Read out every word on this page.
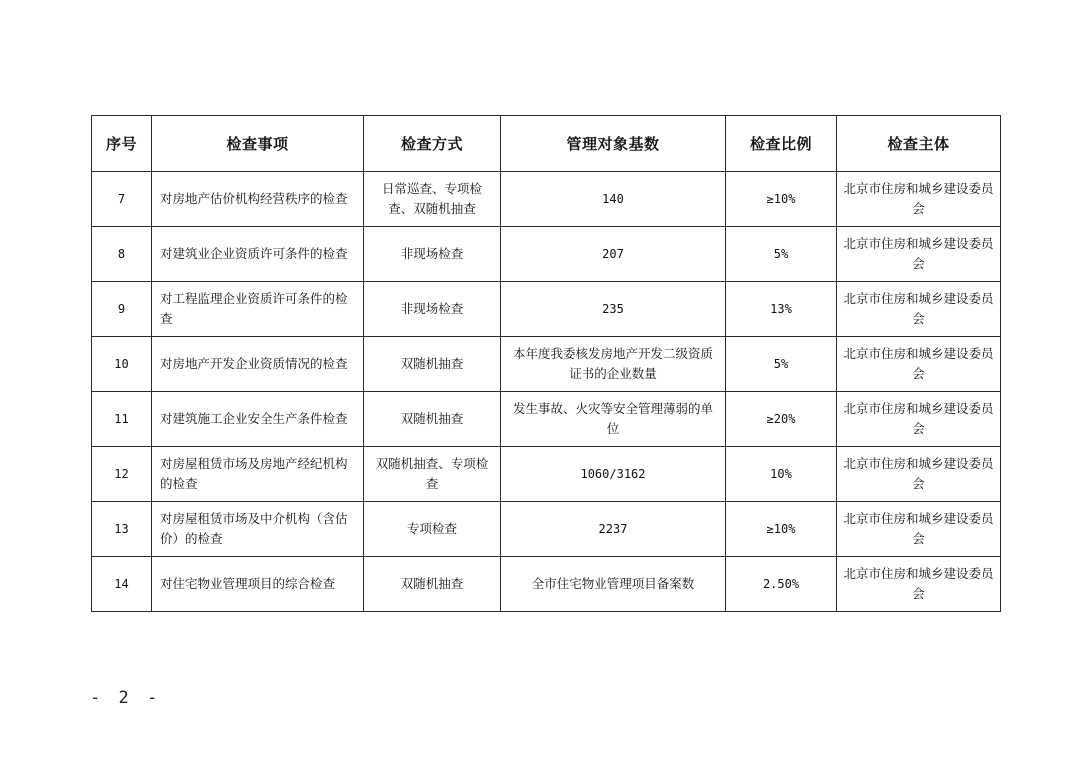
序号	检查事项	检查方式	管理对象基数	检查比例	检查主体
7	对房地产估价机构经营秩序的检查	日常巡查、专项检查、双随机抽查	140	≥10%	北京市住房和城乡建设委员会
8	对建筑业企业资质许可条件的检查	非现场检查	207	5%	北京市住房和城乡建设委员会
9	对工程监理企业资质许可条件的检查	非现场检查	235	13%	北京市住房和城乡建设委员会
10	对房地产开发企业资质情况的检查	双随机抽查	本年度我委核发房地产开发二级资质证书的企业数量	5%	北京市住房和城乡建设委员会
11	对建筑施工企业安全生产条件检查	双随机抽查	发生事故、火灾等安全管理薄弱的单位	≥20%	北京市住房和城乡建设委员会
12	对房屋租赁市场及房地产经纪机构的检查	双随机抽查、专项检查	1060/3162	10%	北京市住房和城乡建设委员会
13	对房屋租赁市场及中介机构（含估价）的检查	专项检查	2237	≥10%	北京市住房和城乡建设委员会
14	对住宅物业管理项目的综合检查	双随机抽查	全市住宅物业管理项目备案数	2.50%	北京市住房和城乡建设委员会
- 2 -
